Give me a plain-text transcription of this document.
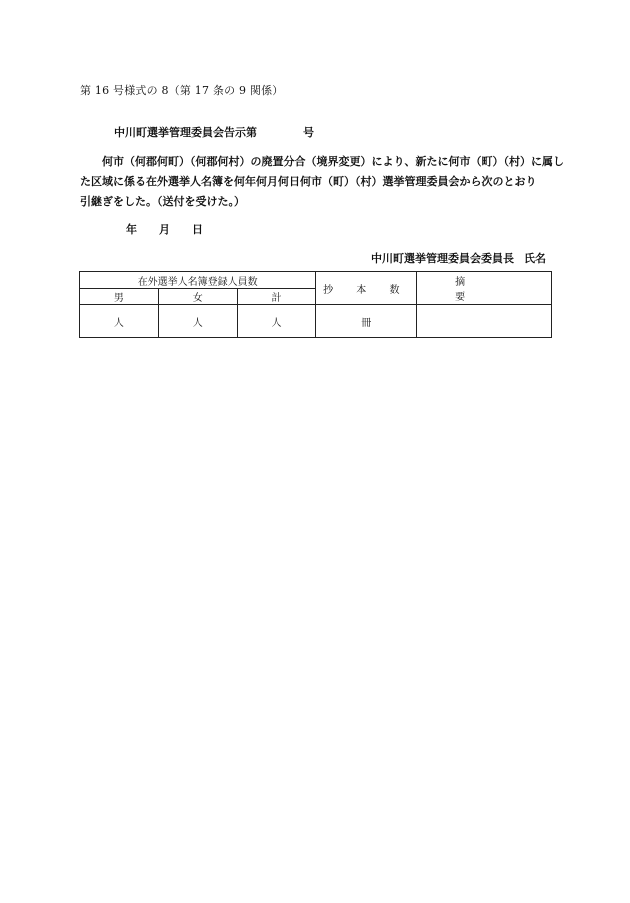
第 16 号様式の 8（第 17 条の 9 関係）
中川町選挙管理委員会告示第	号
何市（何郡何町）（何郡何村）の廃置分合（境界変更）により、新たに何市（町）（村）に属し
た区域に係る在外選挙人名簿を何年何月何日何市（町）（村）選挙管理委員会から次のとおり
引継ぎをした。（送付を受けた。）
年 月 日
中川町選挙管理委員会委員長 氏名
在外選挙人名簿登録人員数			抄 本 数	摘 要
男	女	計		
人	人	人	冊	
